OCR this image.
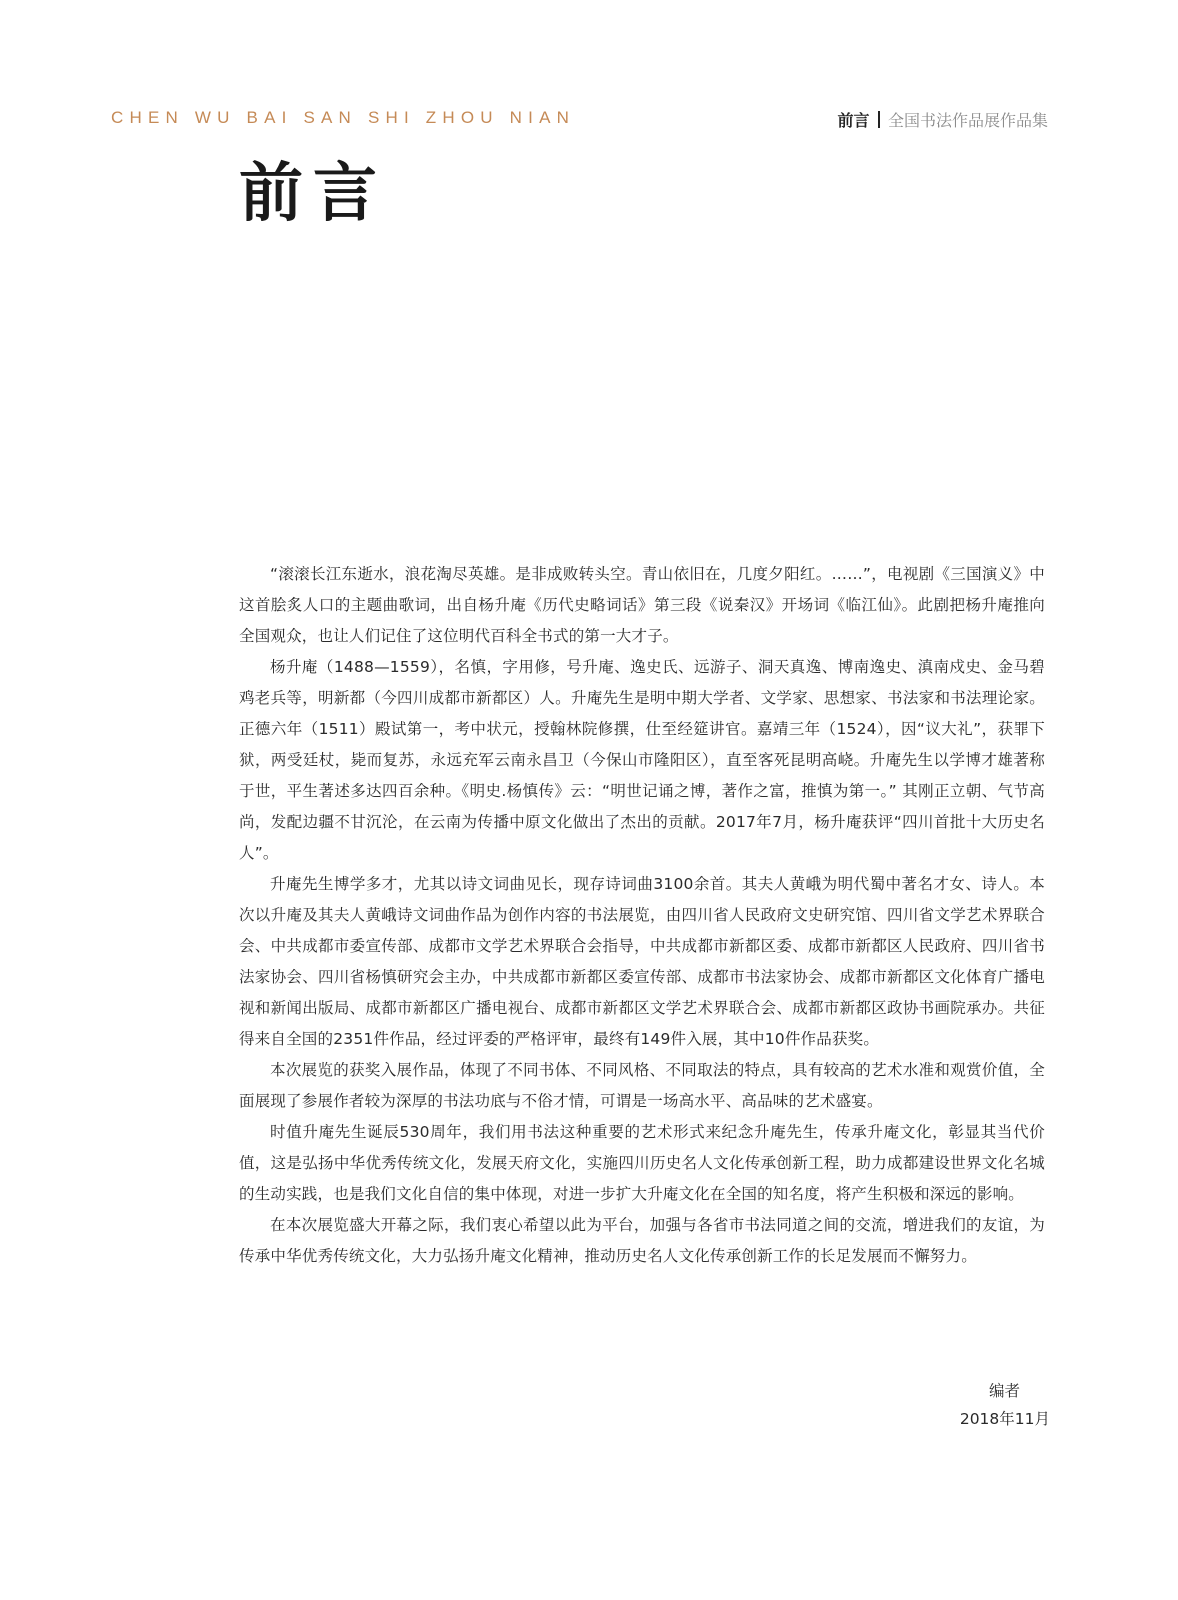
CHEN WU BAI SAN SHI ZHOU NIAN	前言 全国书法作品展作品集
前言

“滚滚长江东逝水，浪花淘尽英雄。是非成败转头空。青山依旧在，几度夕阳红。……”，电视剧《三国演义》中这首脍炙人口的主题曲歌词，出自杨升庵《历代史略词话》第三段《说秦汉》开场词《临江仙》。此剧把杨升庵推向全国观众，也让人们记住了这位明代百科全书式的第一大才子。

杨升庵（1488—1559），名慎，字用修，号升庵、逸史氏、远游子、洞天真逸、博南逸史、滇南戍史、金马碧鸡老兵等，明新都（今四川成都市新都区）人。升庵先生是明中期大学者、文学家、思想家、书法家和书法理论家。正德六年（1511）殿试第一，考中状元，授翰林院修撰，仕至经筵讲官。嘉靖三年（1524），因“议大礼”，获罪下狱，两受廷杖，毙而复苏，永远充军云南永昌卫（今保山市隆阳区），直至客死昆明高峣。升庵先生以学博才雄著称于世，平生著述多达四百余种。《明史.杨慎传》云：“明世记诵之博，著作之富，推慎为第一。” 其刚正立朝、气节高尚，发配边疆不甘沉沦，在云南为传播中原文化做出了杰出的贡献。2017年7月，杨升庵获评“四川首批十大历史名人”。

升庵先生博学多才，尤其以诗文词曲见长，现存诗词曲3100余首。其夫人黄峨为明代蜀中著名才女、诗人。本次以升庵及其夫人黄峨诗文词曲作品为创作内容的书法展览，由四川省人民政府文史研究馆、四川省文学艺术界联合会、中共成都市委宣传部、成都市文学艺术界联合会指导，中共成都市新都区委、成都市新都区人民政府、四川省书法家协会、四川省杨慎研究会主办，中共成都市新都区委宣传部、成都市书法家协会、成都市新都区文化体育广播电视和新闻出版局、成都市新都区广播电视台、成都市新都区文学艺术界联合会、成都市新都区政协书画院承办。共征得来自全国的2351件作品，经过评委的严格评审，最终有149件入展，其中10件作品获奖。

本次展览的获奖入展作品，体现了不同书体、不同风格、不同取法的特点，具有较高的艺术水准和观赏价值，全面展现了参展作者较为深厚的书法功底与不俗才情，可谓是一场高水平、高品味的艺术盛宴。

时值升庵先生诞辰530周年，我们用书法这种重要的艺术形式来纪念升庵先生，传承升庵文化，彰显其当代价值，这是弘扬中华优秀传统文化，发展天府文化，实施四川历史名人文化传承创新工程，助力成都建设世界文化名城的生动实践，也是我们文化自信的集中体现，对进一步扩大升庵文化在全国的知名度，将产生积极和深远的影响。

在本次展览盛大开幕之际，我们衷心希望以此为平台，加强与各省市书法同道之间的交流，增进我们的友谊，为传承中华优秀传统文化，大力弘扬升庵文化精神，推动历史名人文化传承创新工作的长足发展而不懈努力。

编者
2018年11月
